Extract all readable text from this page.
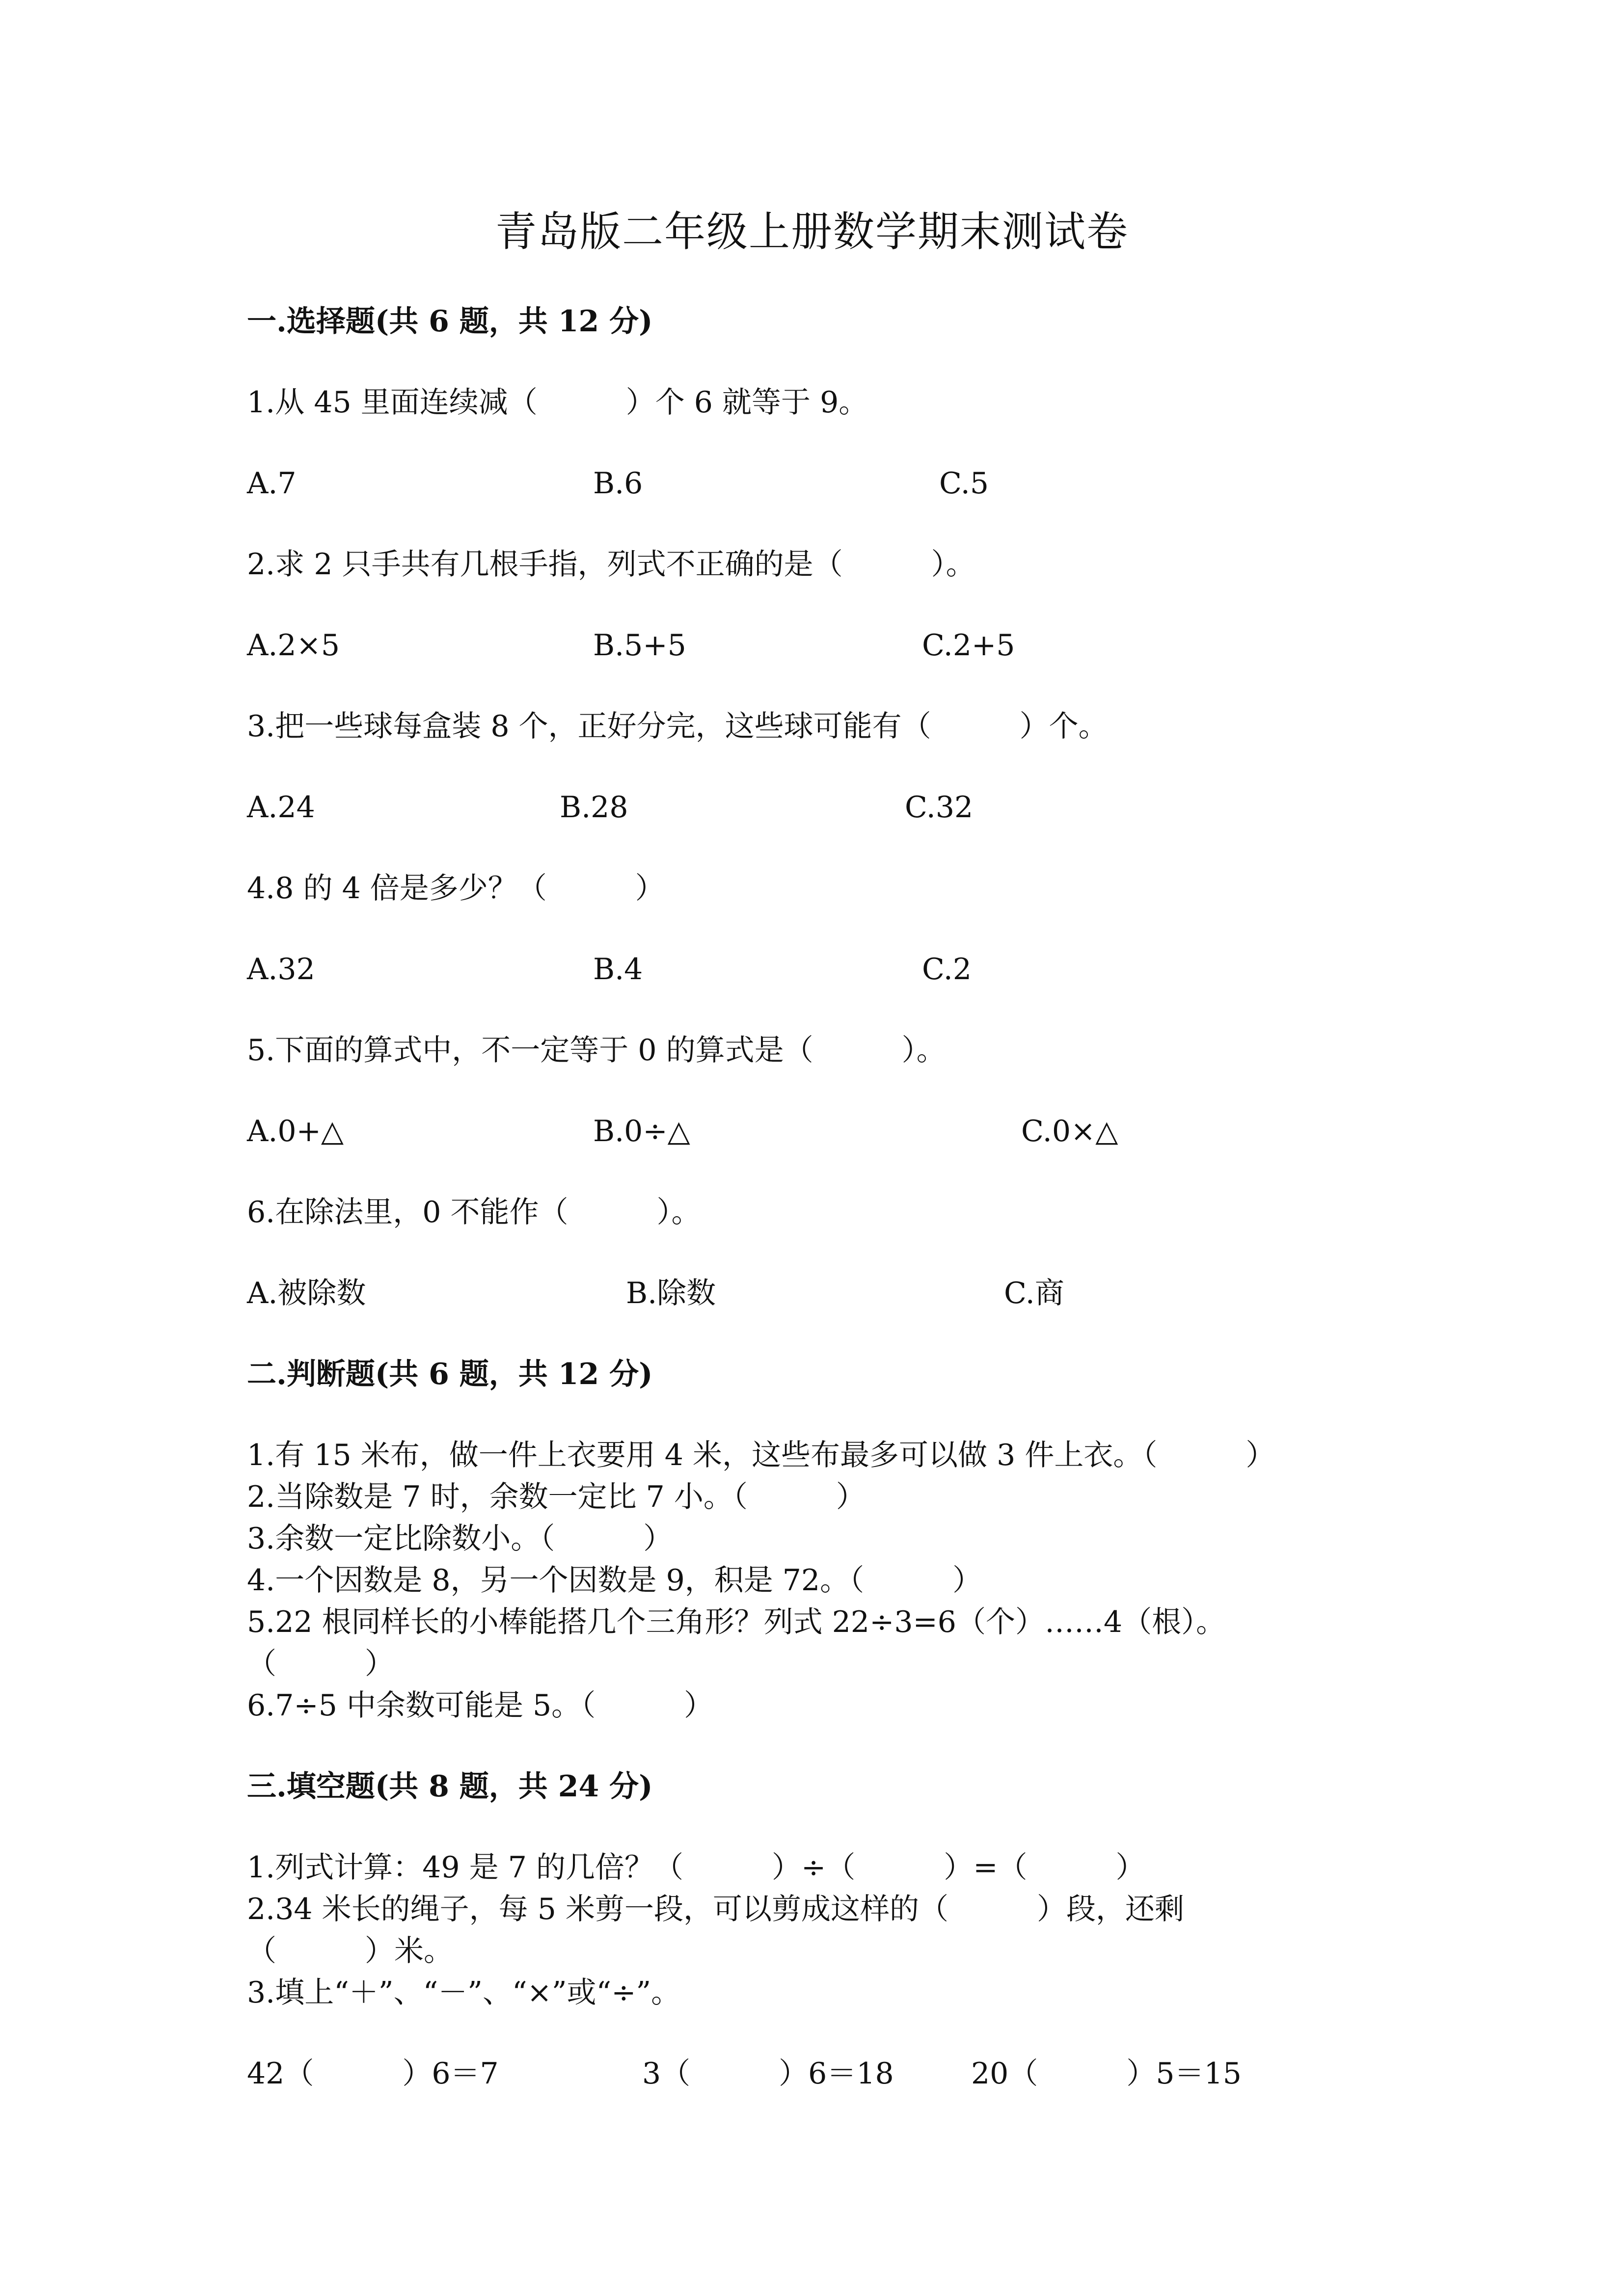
青岛版二年级上册数学期末测试卷
一.选择题(共 6 题，共 12 分)
1.从 45 里面连续减（　　　）个 6 就等于 9。
A.7	B.6	C.5
2.求 2 只手共有几根手指，列式不正确的是（　　　）。
A.2×5	B.5+5	C.2+5
3.把一些球每盒装 8 个，正好分完，这些球可能有（　　　）个。
A.24	B.28	C.32
4.8 的 4 倍是多少？（　　　）
A.32	B.4	C.2
5.下面的算式中，不一定等于 0 的算式是（　　　）。
A.0+△	B.0÷△	C.0×△
6.在除法里，0 不能作（　　　）。
A.被除数	B.除数	C.商
二.判断题(共 6 题，共 12 分)
1.有 15 米布，做一件上衣要用 4 米，这些布最多可以做 3 件上衣。（　　　）
2.当除数是 7 时，余数一定比 7 小。（　　　）
3.余数一定比除数小。（　　　）
4.一个因数是 8，另一个因数是 9，积是 72。（　　　）
5.22 根同样长的小棒能搭几个三角形？列式 22÷3=6（个）……4（根）。
（　　　）
6.7÷5 中余数可能是 5。（　　　）
三.填空题(共 8 题，共 24 分)
1.列式计算：49 是 7 的几倍？（　　　）÷（　　　）=（　　　）
2.34 米长的绳子，每 5 米剪一段，可以剪成这样的（　　　）段，还剩
（　　　）米。
3.填上“＋”、“－”、“×”或“÷”。
42（　　　）6＝7	3（　　　）6＝18	20（　　　）5＝15
